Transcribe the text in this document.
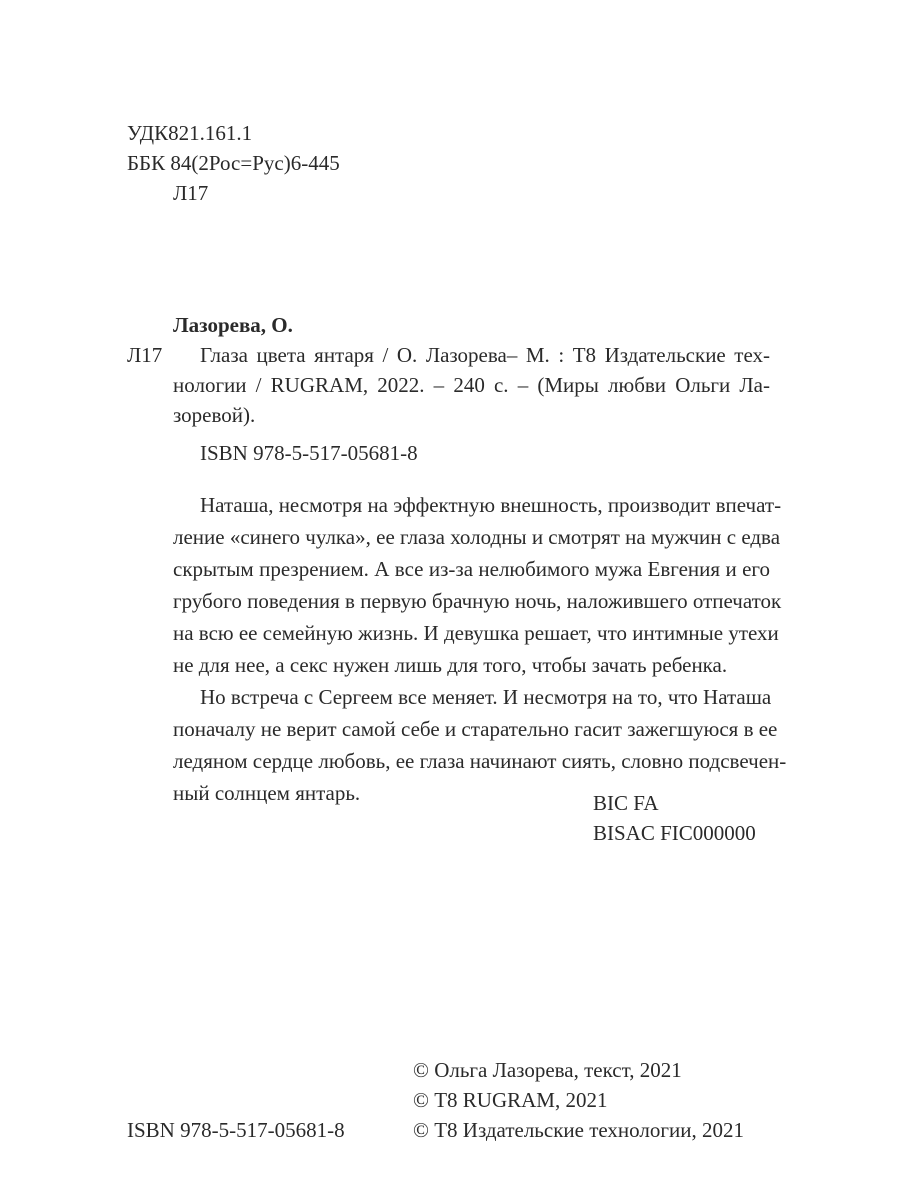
УДК821.161.1
ББК 84(2Рос=Рус)6-445
Л17
Лазорева, О.
Л17 Глаза цвета янтаря / О. Лазорева– М. : Т8 Издательские тех-
нологии / RUGRAM, 2022. – 240 с. – (Миры любви Ольги Ла-
зоревой).
ISBN 978-5-517-05681-8
Наташа, несмотря на эффектную внешность, производит впечат-
ление «синего чулка», ее глаза холодны и смотрят на мужчин с едва
скрытым презрением. А все из-за нелюбимого мужа Евгения и его
грубого поведения в первую брачную ночь, наложившего отпечаток
на всю ее семейную жизнь. И девушка решает, что интимные утехи
не для нее, а секс нужен лишь для того, чтобы зачать ребенка.
Но встреча с Сергеем все меняет. И несмотря на то, что Наташа
поначалу не верит самой себе и старательно гасит зажегшуюся в ее
ледяном сердце любовь, ее глаза начинают сиять, словно подсвечен-
ный солнцем янтарь.	BIC FA
BISAC FIC000000
© Ольга Лазорева, текст, 2021
© Т8 RUGRAM, 2021
© Т8 Издательские технологии, 2021
ISBN 978-5-517-05681-8
